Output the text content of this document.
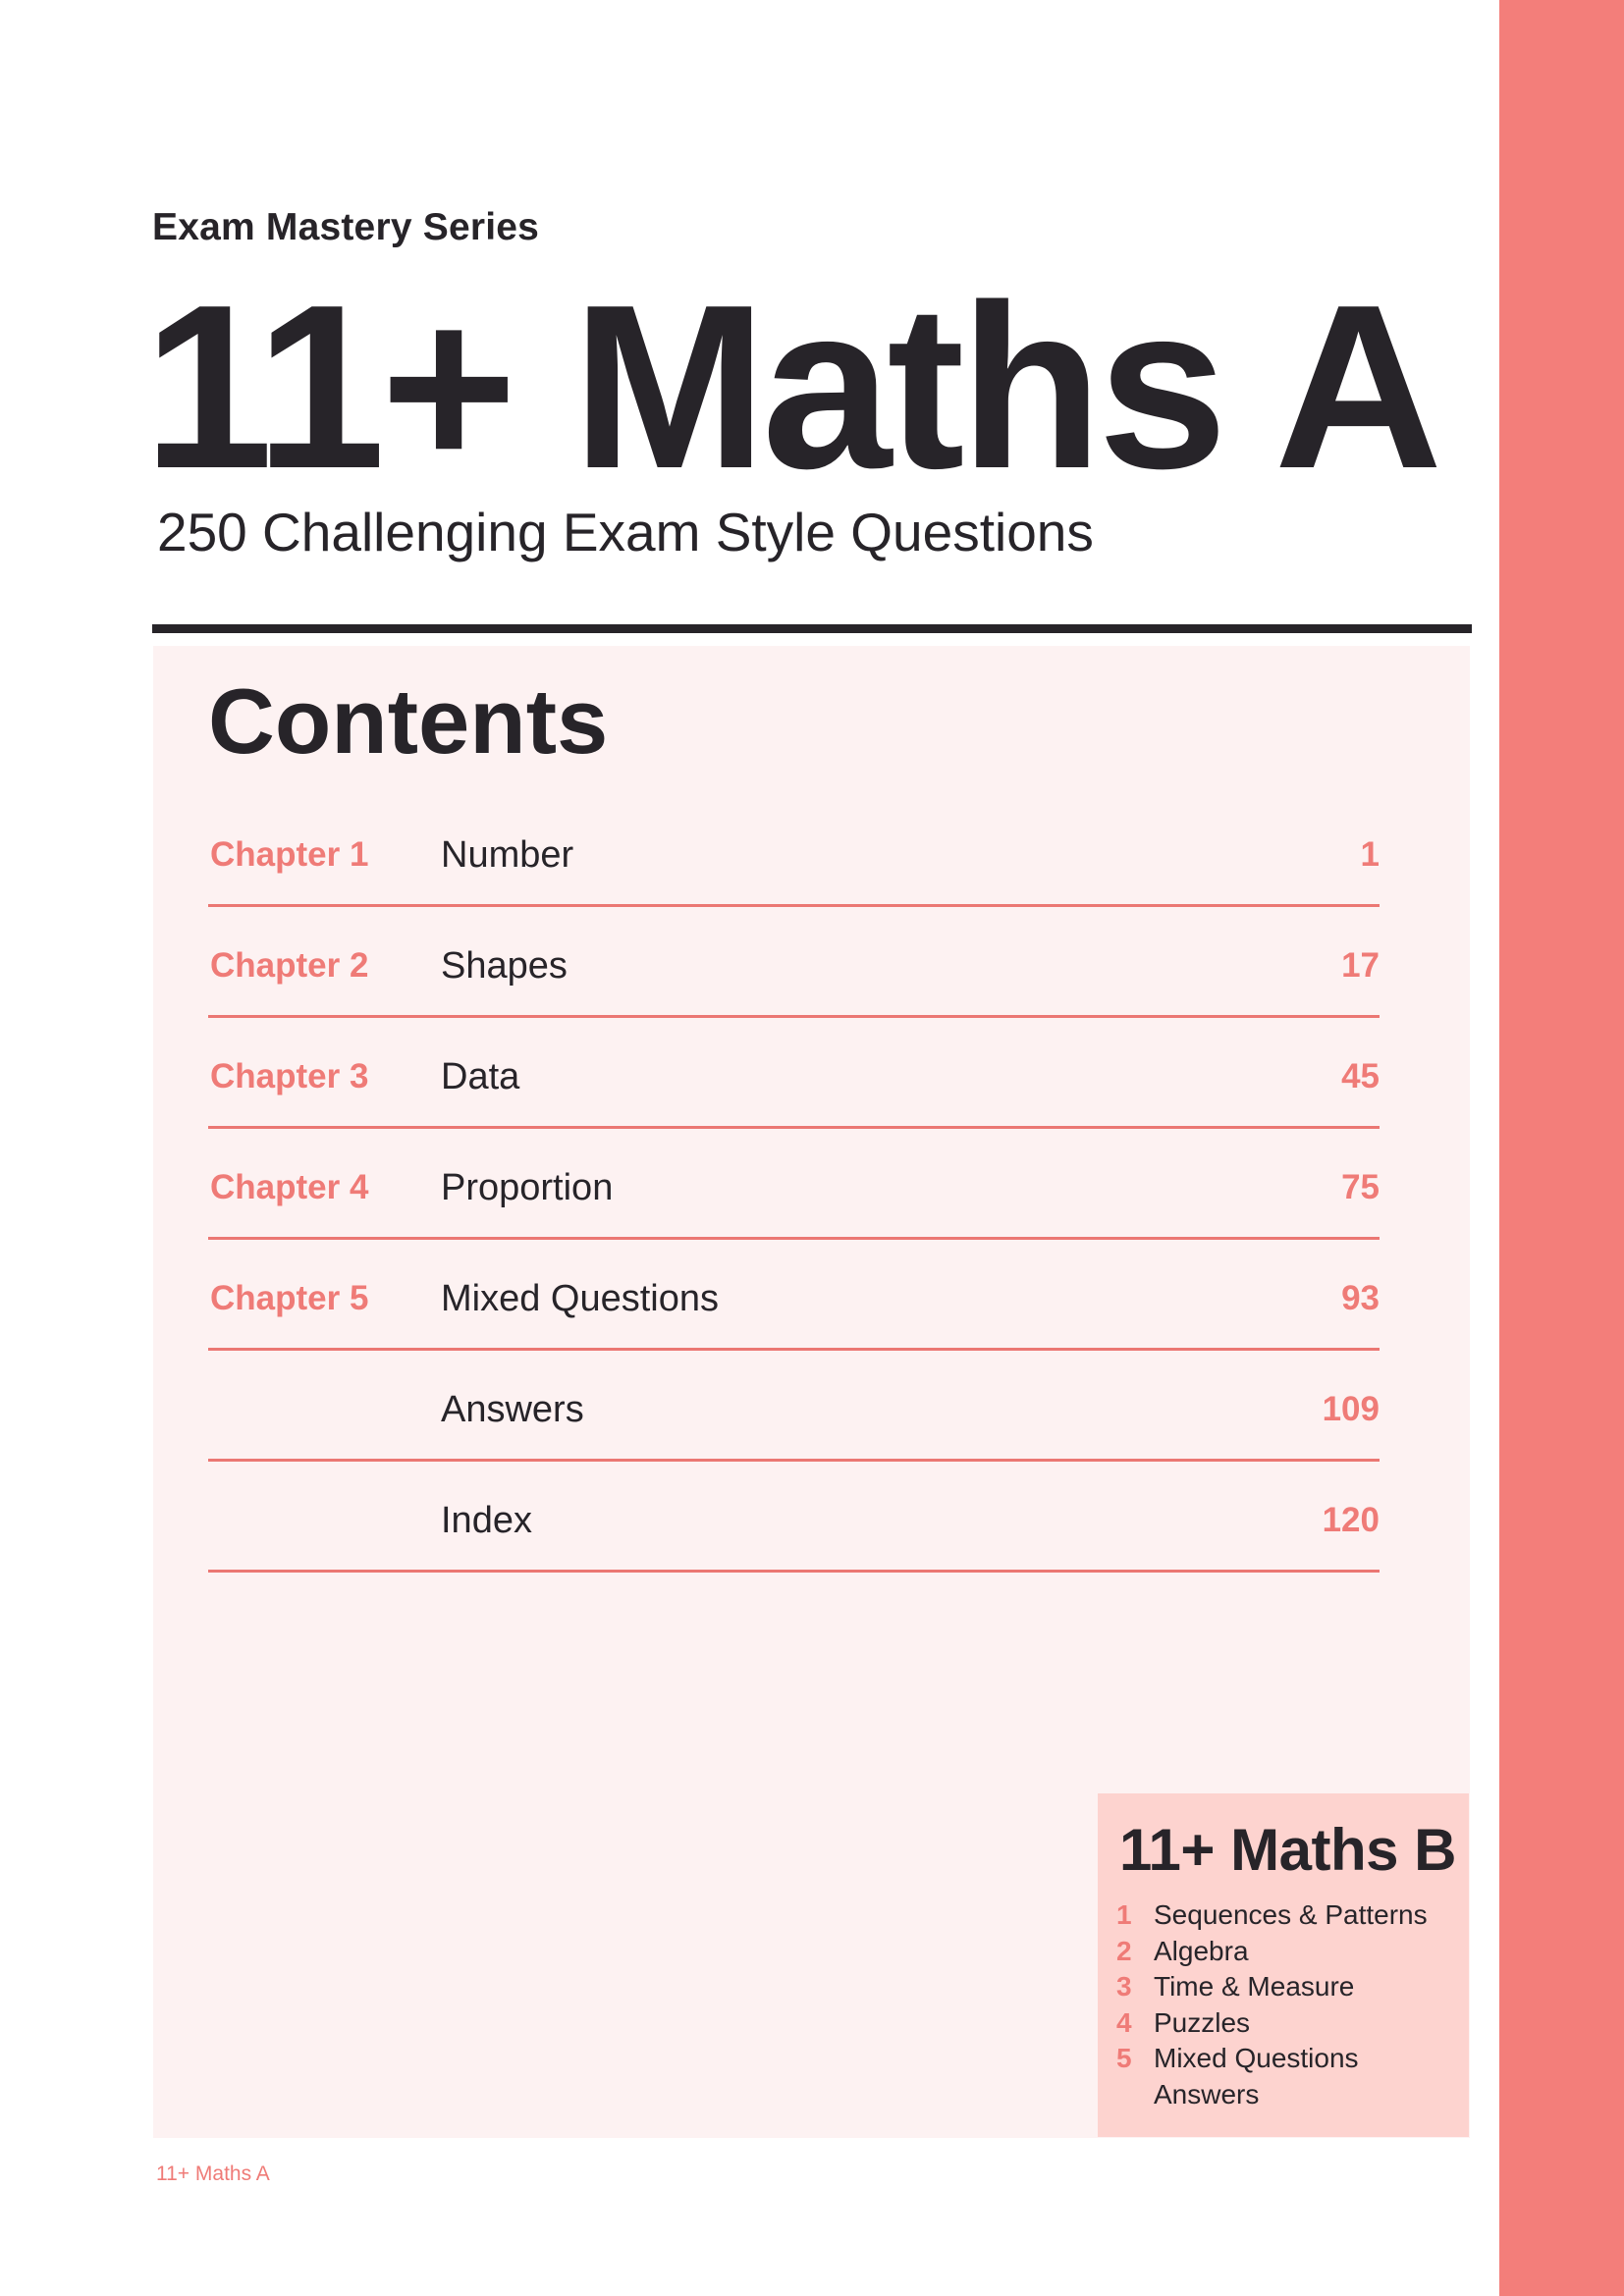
Exam Mastery Series
11+ Maths A
250 Challenging Exam Style Questions
Contents
Chapter 1 Number	1
Chapter 2 Shapes	17
Chapter 3 Data	45
Chapter 4 Proportion	75
Chapter 5 Mixed Questions	93
Answers	109
Index	120
11+ Maths B
1 Sequences & Patterns
2 Algebra
3 Time & Measure
4 Puzzles
5 Mixed Questions
Answers
11+ Maths A
